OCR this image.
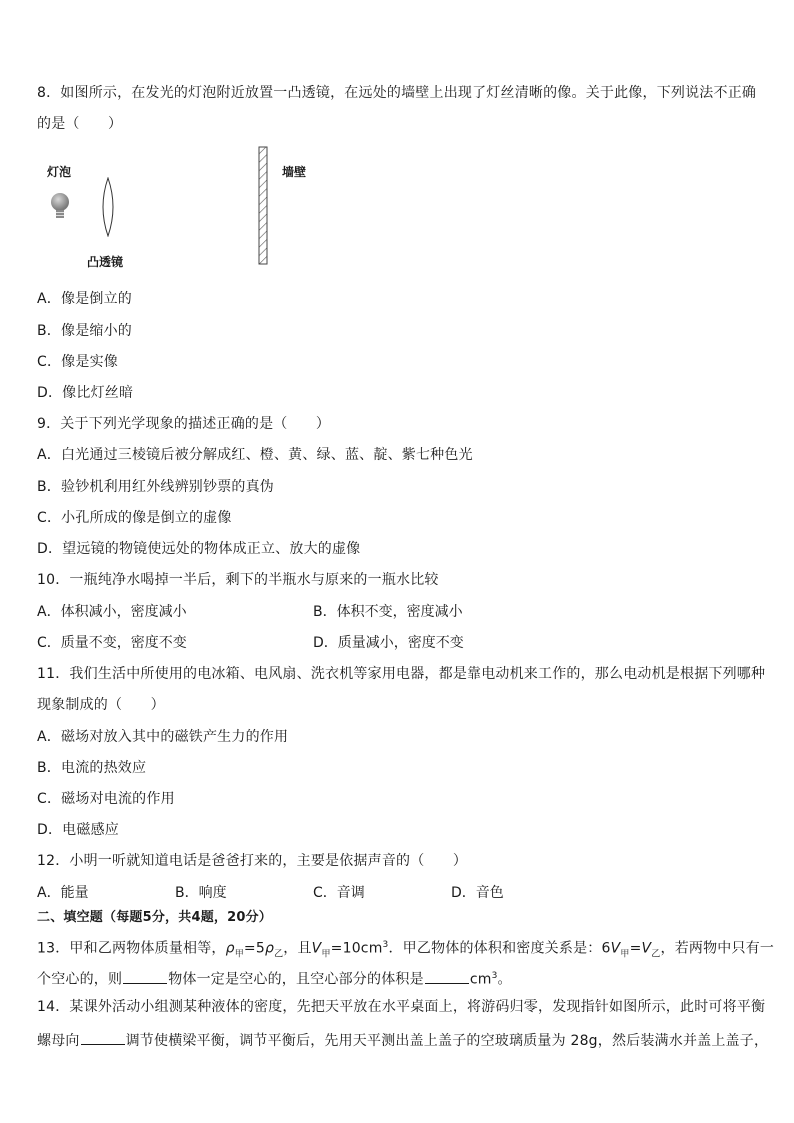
8．如图所示，在发光的灯泡附近放置一凸透镜，在远处的墙壁上出现了灯丝清晰的像。关于此像，下列说法不正确
的是（　　）
灯泡
凸透镜
墙壁
A．像是倒立的
B．像是缩小的
C．像是实像
D．像比灯丝暗
9．关于下列光学现象的描述正确的是（　　）
A．白光通过三棱镜后被分解成红、橙、黄、绿、蓝、靛、紫七种色光
B．验钞机利用红外线辨别钞票的真伪
C．小孔所成的像是倒立的虚像
D．望远镜的物镜使远处的物体成正立、放大的虚像
10．一瓶纯净水喝掉一半后，剩下的半瓶水与原来的一瓶水比较
A．体积减小，密度减小	B．体积不变，密度减小
C．质量不变，密度不变	D．质量减小，密度不变
11．我们生活中所使用的电冰箱、电风扇、洗衣机等家用电器，都是靠电动机来工作的，那么电动机是根据下列哪种
现象制成的（　　）
A．磁场对放入其中的磁铁产生力的作用
B．电流的热效应
C．磁场对电流的作用
D．电磁感应
12．小明一听就知道电话是爸爸打来的，主要是依据声音的（　　）
A．能量	B．响度	C．音调	D．音色
二、填空题（每题5分，共4题，20分）
13．甲和乙两物体质量相等，$\rho_甲=5\rho_乙$，且$V_甲=10cm^3$．甲乙物体的体积和密度关系是：$6V_甲=V_乙$，若两物中只有一
个空心的，则	物体一定是空心的，且空心部分的体积是	$cm^3$。
14．某课外活动小组测某种液体的密度，先把天平放在水平桌面上，将游码归零，发现指针如图所示，此时可将平衡
螺母向	调节使横梁平衡，调节平衡后，先用天平测出盖上盖子的空玻璃质量为 28g，然后装满水并盖上盖子，
